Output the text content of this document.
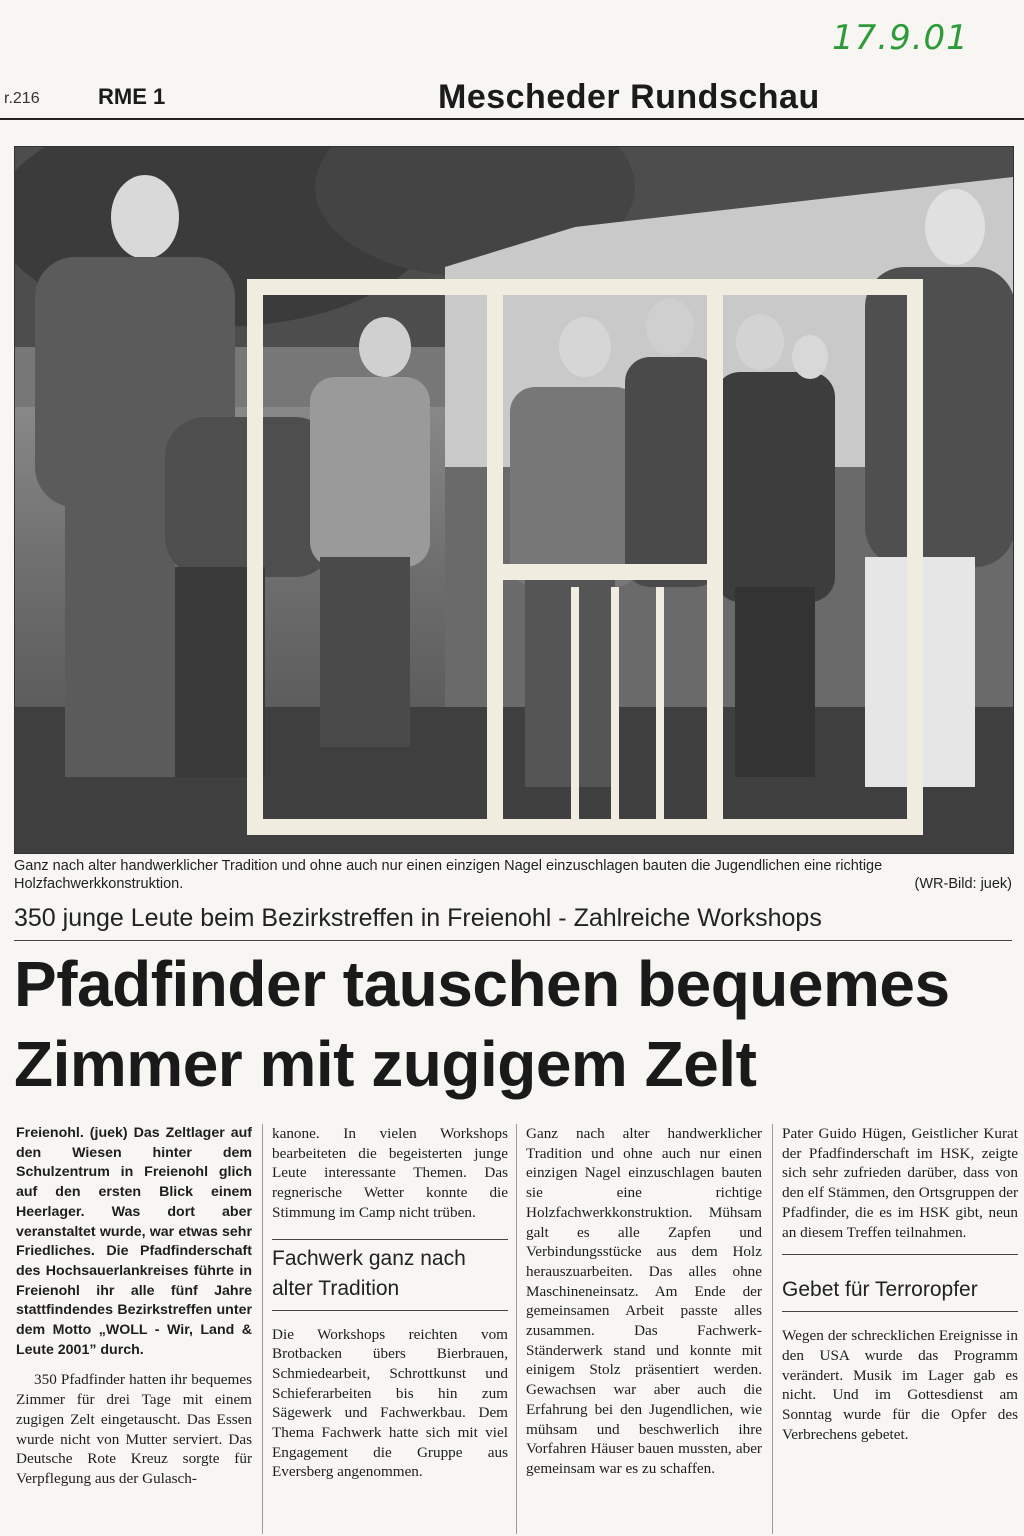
17.9.01
r.216	RME 1	Mescheder Rundschau
Ganz nach alter handwerklicher Tradition und ohne auch nur einen einzigen Nagel einzuschlagen bauten die Jugendlichen eine richtige Holzfachwerkkonstruktion.	(WR-Bild: juek)
350 junge Leute beim Bezirkstreffen in Freienohl - Zahlreiche Workshops
Pfadfinder tauschen bequemes
Zimmer mit zugigem Zelt

Freienohl. (juek) Das Zeltlager auf den Wiesen hinter dem Schulzentrum in Freienohl glich auf den ersten Blick einem Heerlager. Was dort aber veranstaltet wurde, war etwas sehr Friedliches. Die Pfadfinderschaft des Hochsauerlankreises führte in Freienohl ihr alle fünf Jahre stattfindendes Bezirkstreffen unter dem Motto „WOLL - Wir, Land & Leute 2001” durch.

350 Pfadfinder hatten ihr bequemes Zimmer für drei Tage mit einem zugigen Zelt eingetauscht. Das Essen wurde nicht von Mutter serviert. Das Deutsche Rote Kreuz sorgte für Verpflegung aus der Gulasch-

kanone. In vielen Workshops bearbeiteten die begeisterten junge Leute interessante Themen. Das regnerische Wetter konnte die Stimmung im Camp nicht trüben.

Fachwerk ganz nach alter Tradition

Die Workshops reichten vom Brotbacken übers Bierbrauen, Schmiedearbeit, Schrottkunst und Schieferarbeiten bis hin zum Sägewerk und Fachwerkbau. Dem Thema Fachwerk hatte sich mit viel Engagement die Gruppe aus Eversberg angenommen.

Ganz nach alter handwerklicher Tradition und ohne auch nur einen einzigen Nagel einzuschlagen bauten sie eine richtige Holzfachwerkkonstruktion. Mühsam galt es alle Zapfen und Verbindungsstücke aus dem Holz herauszuarbeiten. Das alles ohne Maschineneinsatz. Am Ende der gemeinsamen Arbeit passte alles zusammen. Das Fachwerk-Ständerwerk stand und konnte mit einigem Stolz präsentiert werden. Gewachsen war aber auch die Erfahrung bei den Jugendlichen, wie mühsam und beschwerlich ihre Vorfahren Häuser bauen mussten, aber gemeinsam war es zu schaffen.

Pater Guido Hügen, Geistlicher Kurat der Pfadfinderschaft im HSK, zeigte sich sehr zufrieden darüber, dass von den elf Stämmen, den Ortsgruppen der Pfadfinder, die es im HSK gibt, neun an diesem Treffen teilnahmen.

Gebet für Terroropfer

Wegen der schrecklichen Ereignisse in den USA wurde das Programm verändert. Musik im Lager gab es nicht. Und im Gottesdienst am Sonntag wurde für die Opfer des Verbrechens gebetet.
